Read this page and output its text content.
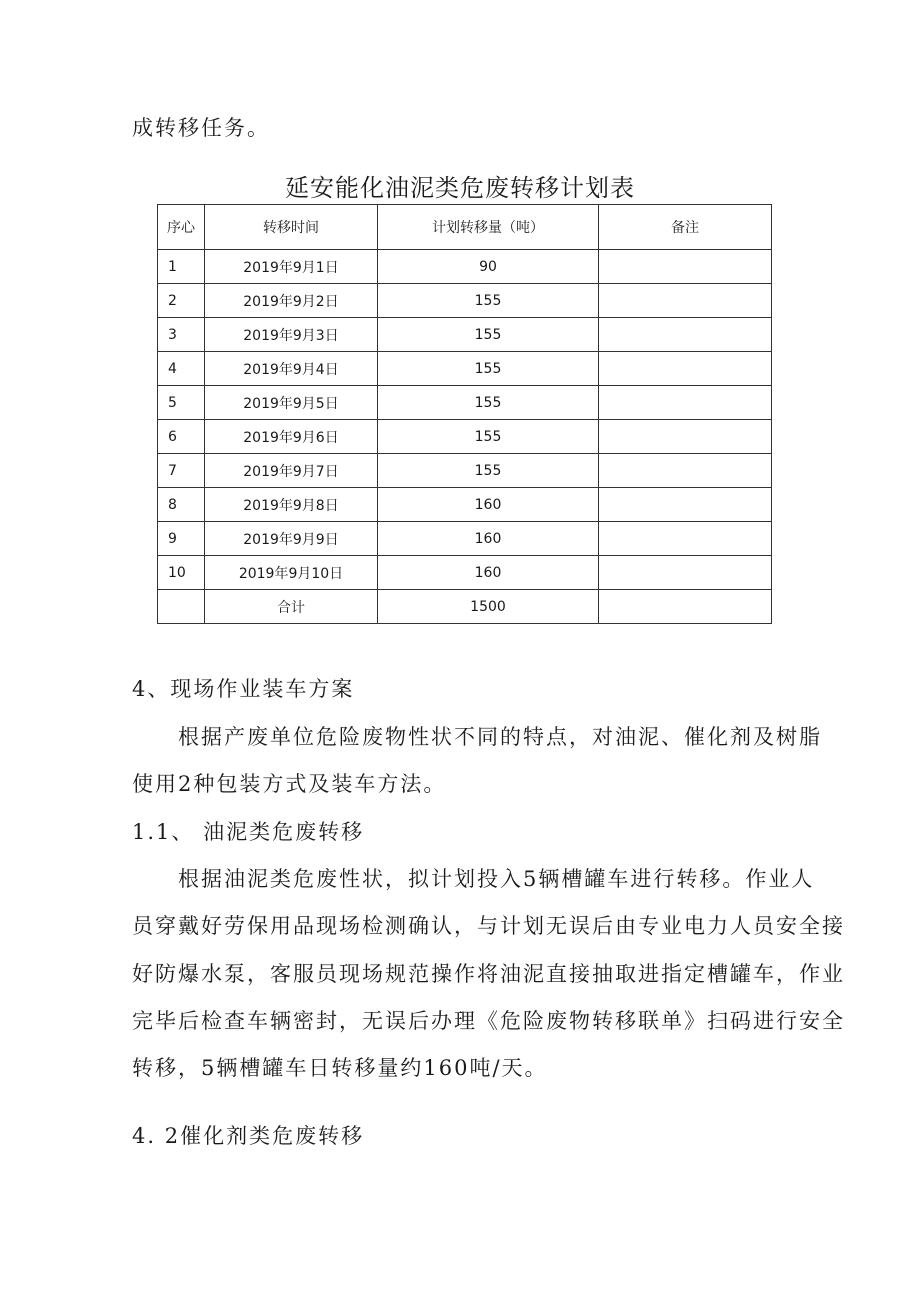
成转移任务。
延安能化油泥类危废转移计划表
序心	转移时间	计划转移量（吨）	备注
1	2019年9月1日	90	
2	2019年9月2日	155	
3	2019年9月3日	155	
4	2019年9月4日	155	
5	2019年9月5日	155	
6	2019年9月6日	155	
7	2019年9月7日	155	
8	2019年9月8日	160	
9	2019年9月9日	160	
10	2019年9月10日	160	
	合计	1500	
4、现场作业装车方案
根据产废单位危险废物性状不同的特点，对油泥、催化剂及树脂
使用2种包装方式及装车方法。
1.1、 油泥类危废转移
根据油泥类危废性状，拟计划投入5辆槽罐车进行转移。作业人
员穿戴好劳保用品现场检测确认，与计划无误后由专业电力人员安全接
好防爆水泵，客服员现场规范操作将油泥直接抽取进指定槽罐车，作业
完毕后检查车辆密封，无误后办理《危险废物转移联单》扫码进行安全
转移，5辆槽罐车日转移量约160吨/天。
4. 2催化剂类危废转移
